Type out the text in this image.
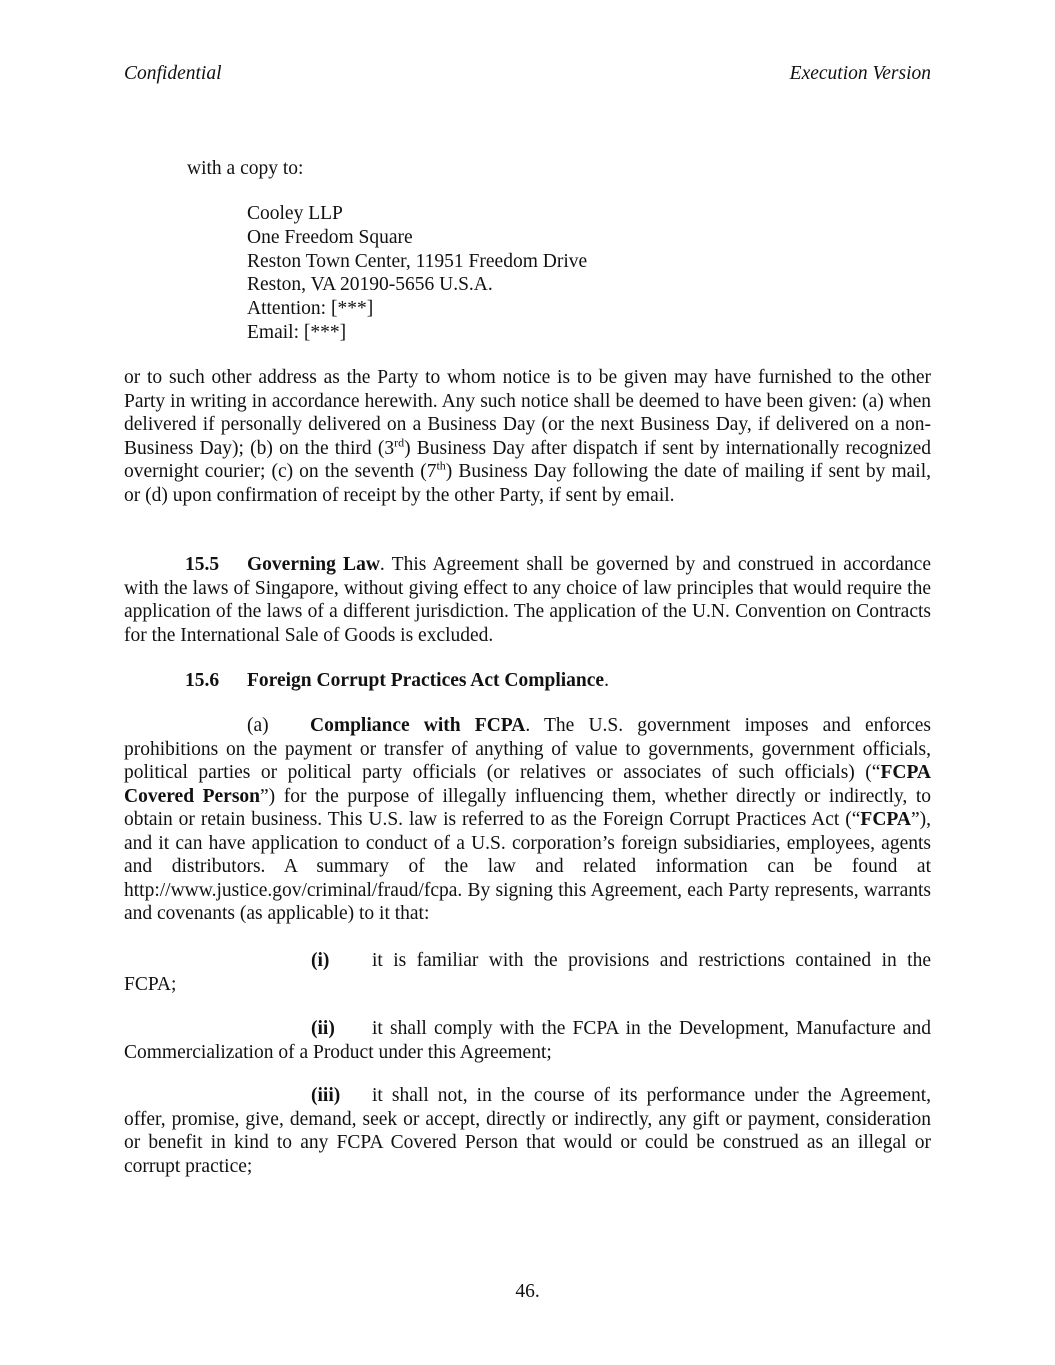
Confidential	Execution Version
with a copy to:
Cooley LLP
One Freedom Square
Reston Town Center, 11951 Freedom Drive
Reston, VA 20190-5656 U.S.A.
Attention: [***]
Email: [***]

or to such other address as the Party to whom notice is to be given may have furnished to the other Party in writing in accordance herewith. Any such notice shall be deemed to have been given: (a) when delivered if personally delivered on a Business Day (or the next Business Day, if delivered on a non-Business Day); (b) on the third (3rd) Business Day after dispatch if sent by internationally recognized overnight courier; (c) on the seventh (7th) Business Day following the date of mailing if sent by mail, or (d) upon confirmation of receipt by the other Party, if sent by email.

15.5 Governing Law. This Agreement shall be governed by and construed in accordance with the laws of Singapore, without giving effect to any choice of law principles that would require the application of the laws of a different jurisdiction. The application of the U.N. Convention on Contracts for the International Sale of Goods is excluded.

15.6 Foreign Corrupt Practices Act Compliance.

(a) Compliance with FCPA. The U.S. government imposes and enforces prohibitions on the payment or transfer of anything of value to governments, government officials, political parties or political party officials (or relatives or associates of such officials) (“FCPA Covered Person”) for the purpose of illegally influencing them, whether directly or indirectly, to obtain or retain business. This U.S. law is referred to as the Foreign Corrupt Practices Act (“FCPA”), and it can have application to conduct of a U.S. corporation’s foreign subsidiaries, employees, agents and distributors. A summary of the law and related information can be found at http://www.justice.gov/criminal/fraud/fcpa. By signing this Agreement, each Party represents, warrants and covenants (as applicable) to it that:

(i) it is familiar with the provisions and restrictions contained in the FCPA;

(ii) it shall comply with the FCPA in the Development, Manufacture and Commercialization of a Product under this Agreement;

(iii) it shall not, in the course of its performance under the Agreement, offer, promise, give, demand, seek or accept, directly or indirectly, any gift or payment, consideration or benefit in kind to any FCPA Covered Person that would or could be construed as an illegal or corrupt practice;

46.
